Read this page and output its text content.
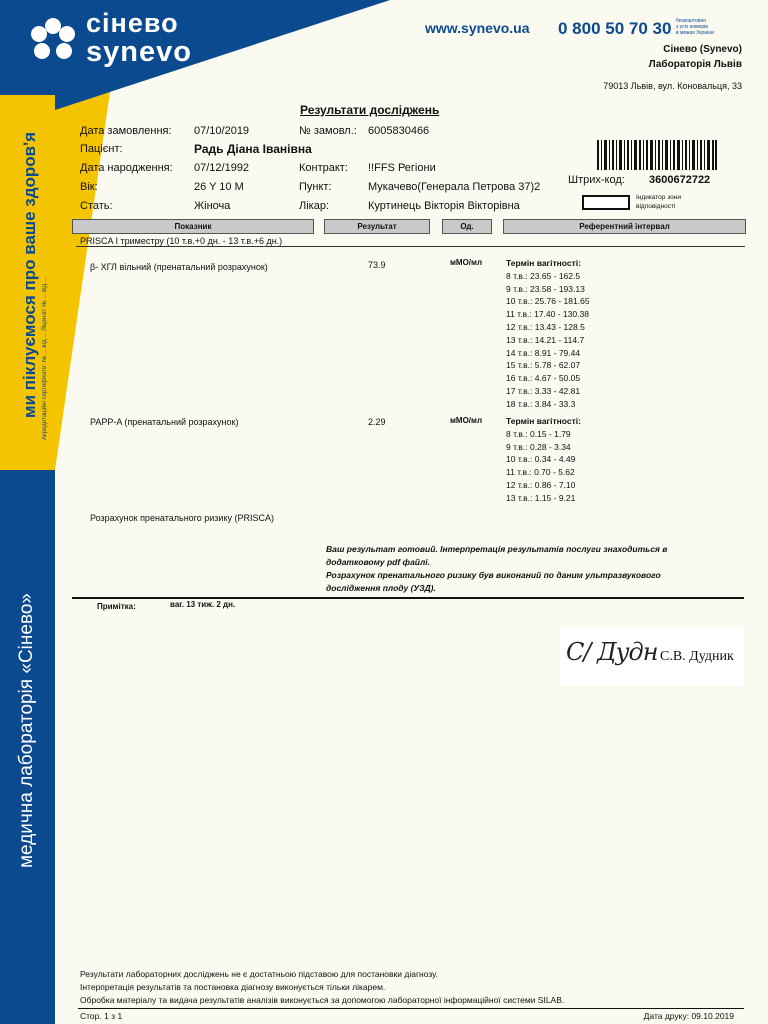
сінево
synevo
ми піклуємося про ваше здоров'я Акредитаційні сертифікати: № ... від ... Ліцензії: № ... від ...
медична лабораторія «Сінево»
www.synevo.ua 0 800 50 70 30 безкоштовно
з усіх номерів
в межах України
Сінево (Synevo)
Лабораторія Львів
79013 Львів, вул. Коновальця, 33
Результати досліджень
Дата замовлення: 07/10/2019	№ замовл.: 6005830466
Пацієнт:	Радь Діана Іванівна
Дата народження: 07/12/1992	Контракт: !!FFS Регіони
Вік:	26 Y 10 M	Пункт:	Мукачево(Генерала Петрова 37)2
Стать:	Жіноча	Лікар:	Куртинець Вікторія Вікторівна
Штрих-код: 3600672722
Індикатор зони відповідності
Показник	Результат	Од.	Референтний інтервал
PRISCA I триместру (10 т.в.+0 дн. - 13 т.в.+6 дн.)
β- ХГЛ вільний (пренатальний розрахунок)	73.9	мМО/мл	Термін вагітності:
8 т.в.: 23.65 - 162.5
9 т.в.: 23.58 - 193.13
10 т.в.: 25.76 - 181.65
11 т.в.: 17.40 - 130.38
12 т.в.: 13.43 - 128.5
13 т.в.: 14.21 - 114.7
14 т.в.: 8.91 - 79.44
15 т.в.: 5.78 - 62.07
16 т.в.: 4.67 - 50.05
17 т.в.: 3.33 - 42.81
18 т.в.: 3.84 - 33.3
PAPP-A (пренатальний розрахунок)	2.29	мМО/мл	Термін вагітності:
8 т.в.: 0.15 - 1.79
9 т.в.: 0.28 - 3.34
10 т.в.: 0.34 - 4.49
11 т.в.: 0.70 - 5.62
12 т.в.: 0.86 - 7.10
13 т.в.: 1.15 - 9.21
Розрахунок пренатального ризику (PRISCA)
Ваш результат готовий. Інтерпретація результатів послуги знаходиться в
додатковому pdf файлі.
Розрахунок пренатального ризику був виконаний по даним ультразвукового
дослідження плоду (УЗД).
Примітка:	ваг. 13 тиж. 2 дн.
С/ Дудн С.В. Дудник
Результати лабораторних досліджень не є достатньою підставою для постановки діагнозу.
Інтерпретація результатів та постановка діагнозу виконується тільки лікарем.
Обробка матеріалу та видача результатів аналізів виконується за допомогою лабораторної інформаційної системи SILAB.
Стор. 1 з 1	Дата друку: 09.10.2019
